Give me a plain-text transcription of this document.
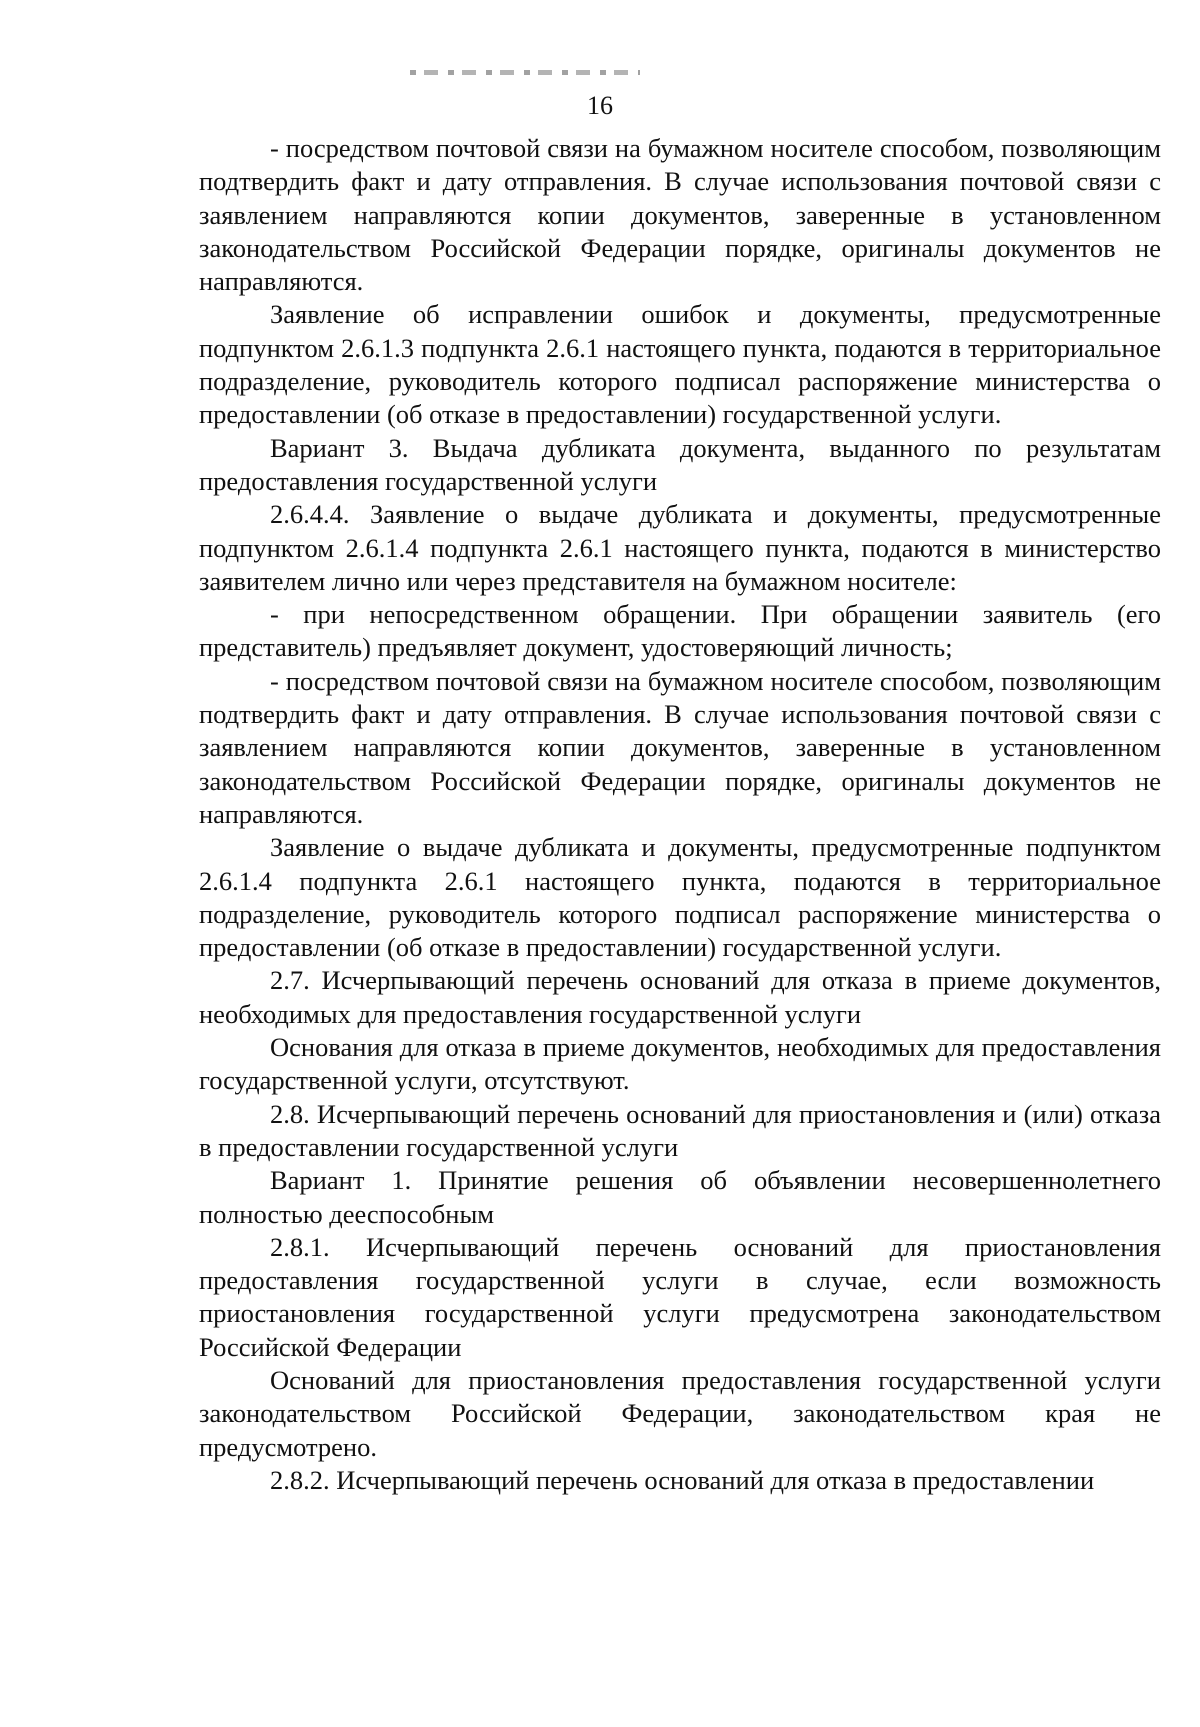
16

- посредством почтовой связи на бумажном носителе способом, позволяющим подтвердить факт и дату отправления. В случае использования почтовой связи с заявлением направляются копии документов, заверенные в установленном законодательством Российской Федерации порядке, оригиналы документов не направляются.

Заявление об исправлении ошибок и документы, предусмотренные подпунктом 2.6.1.3 подпункта 2.6.1 настоящего пункта, подаются в территориальное подразделение, руководитель которого подписал распоряжение министерства о предоставлении (об отказе в предоставлении) государственной услуги.

Вариант 3. Выдача дубликата документа, выданного по результатам предоставления государственной услуги

2.6.4.4. Заявление о выдаче дубликата и документы, предусмотренные подпунктом 2.6.1.4 подпункта 2.6.1 настоящего пункта, подаются в министерство заявителем лично или через представителя на бумажном носителе:

- при непосредственном обращении. При обращении заявитель (его представитель) предъявляет документ, удостоверяющий личность;

- посредством почтовой связи на бумажном носителе способом, позволяющим подтвердить факт и дату отправления. В случае использования почтовой связи с заявлением направляются копии документов, заверенные в установленном законодательством Российской Федерации порядке, оригиналы документов не направляются.

Заявление о выдаче дубликата и документы, предусмотренные подпунктом 2.6.1.4 подпункта 2.6.1 настоящего пункта, подаются в территориальное подразделение, руководитель которого подписал распоряжение министерства о предоставлении (об отказе в предоставлении) государственной услуги.

2.7. Исчерпывающий перечень оснований для отказа в приеме документов, необходимых для предоставления государственной услуги

Основания для отказа в приеме документов, необходимых для предоставления государственной услуги, отсутствуют.

2.8. Исчерпывающий перечень оснований для приостановления и (или) отказа в предоставлении государственной услуги

Вариант 1. Принятие решения об объявлении несовершеннолетнего полностью дееспособным

2.8.1. Исчерпывающий перечень оснований для приостановления предоставления государственной услуги в случае, если возможность приостановления государственной услуги предусмотрена законодательством Российской Федерации

Оснований для приостановления предоставления государственной услуги законодательством Российской Федерации, законодательством края не предусмотрено.

2.8.2. Исчерпывающий перечень оснований для отказа в предоставлении
